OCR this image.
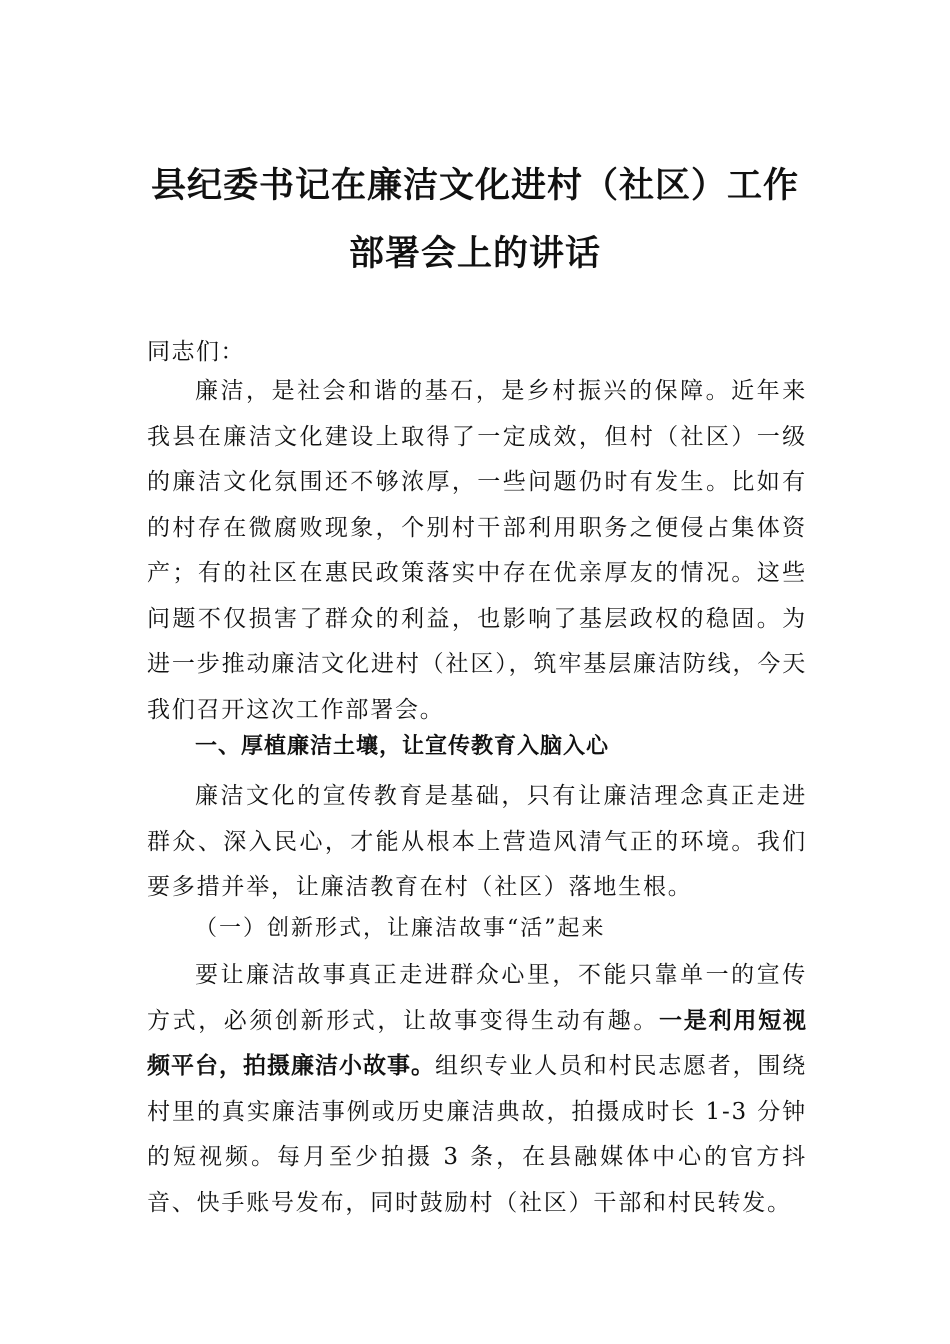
县纪委书记在廉洁文化进村（社区）工作
部署会上的讲话
同志们：
廉洁，是社会和谐的基石，是乡村振兴的保障。近年来我县在廉洁文化建设上取得了一定成效，但村（社区）一级的廉洁文化氛围还不够浓厚，一些问题仍时有发生。比如有的村存在微腐败现象，个别村干部利用职务之便侵占集体资产；有的社区在惠民政策落实中存在优亲厚友的情况。这些问题不仅损害了群众的利益，也影响了基层政权的稳固。为进一步推动廉洁文化进村（社区），筑牢基层廉洁防线，今天我们召开这次工作部署会。
一、厚植廉洁土壤，让宣传教育入脑入心
廉洁文化的宣传教育是基础，只有让廉洁理念真正走进群众、深入民心，才能从根本上营造风清气正的环境。我们要多措并举，让廉洁教育在村（社区）落地生根。
（一）创新形式，让廉洁故事“活”起来
要让廉洁故事真正走进群众心里，不能只靠单一的宣传方式，必须创新形式，让故事变得生动有趣。一是利用短视频平台，拍摄廉洁小故事。组织专业人员和村民志愿者，围绕村里的真实廉洁事例或历史廉洁典故，拍摄成时长 1-3 分钟的短视频。每月至少拍摄 3 条，在县融媒体中心的官方抖音、快手账号发布，同时鼓励村（社区）干部和村民转发。
